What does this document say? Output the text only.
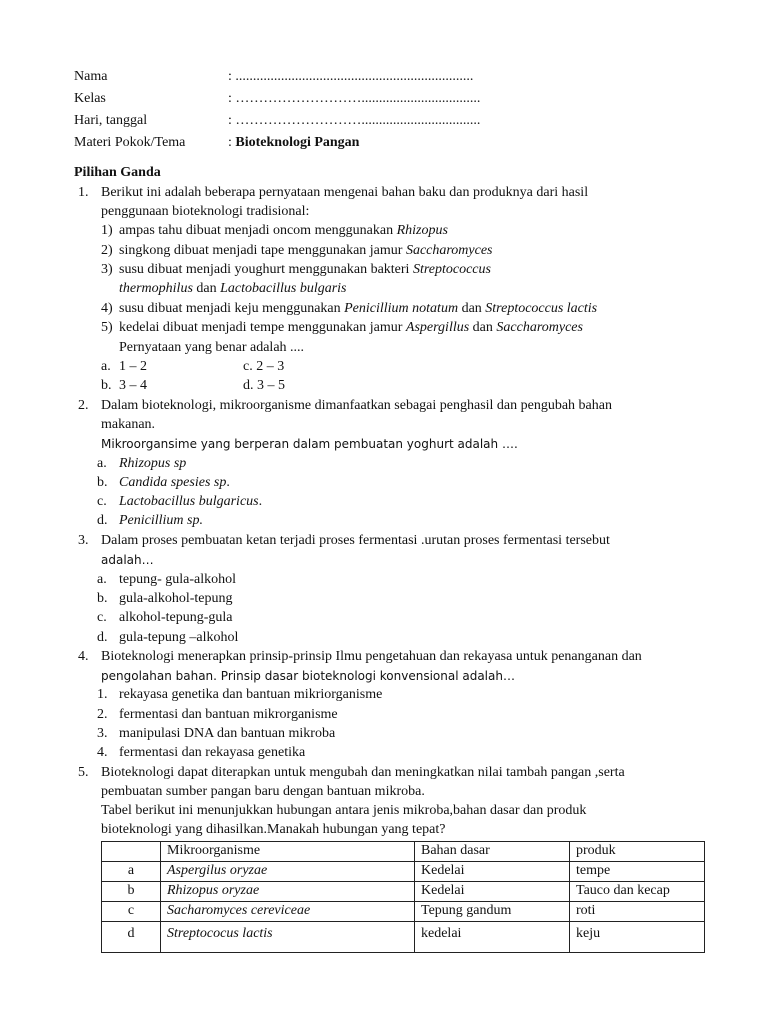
Nama	: ....................................................................
Kelas	: ………………………..................................
Hari, tanggal	: ………………………..................................
Materi Pokok/Tema	: Bioteknologi Pangan
Pilihan Ganda
1. Berikut ini adalah beberapa pernyataan mengenai bahan baku dan produknya dari hasil
penggunaan bioteknologi tradisional:
1) ampas tahu dibuat menjadi oncom menggunakan Rhizopus
2) singkong dibuat menjadi tape menggunakan jamur Saccharomyces
3) susu dibuat menjadi youghurt menggunakan bakteri Streptococcus
thermophilus dan Lactobacillus bulgaris
4) susu dibuat menjadi keju menggunakan Penicillium notatum dan Streptococcus lactis
5) kedelai dibuat menjadi tempe menggunakan jamur Aspergillus dan Saccharomyces
Pernyataan yang benar adalah ....
a. 1 – 2	c. 2 – 3
b. 3 – 4	d. 3 – 5
2. Dalam bioteknologi, mikroorganisme dimanfaatkan sebagai penghasil dan pengubah bahan
makanan.
Mikroorgansime yang berperan dalam pembuatan yoghurt adalah ….
a. Rhizopus sp
b. Candida spesies sp.
c. Lactobacillus bulgaricus.
d. Penicillium sp.
3. Dalam proses pembuatan ketan terjadi proses fermentasi .urutan proses fermentasi tersebut
adalah…
a. tepung- gula-alkohol
b. gula-alkohol-tepung
c. alkohol-tepung-gula
d. gula-tepung –alkohol
4. Bioteknologi menerapkan prinsip-prinsip Ilmu pengetahuan dan rekayasa untuk penanganan dan
pengolahan bahan. Prinsip dasar bioteknologi konvensional adalah…
1. rekayasa genetika dan bantuan mikriorganisme
2. fermentasi dan bantuan mikrorganisme
3. manipulasi DNA dan bantuan mikroba
4. fermentasi dan rekayasa genetika
5. Bioteknologi dapat diterapkan untuk mengubah dan meningkatkan nilai tambah pangan ,serta
pembuatan sumber pangan baru dengan bantuan mikroba.
Tabel berikut ini menunjukkan hubungan antara jenis mikroba,bahan dasar dan produk
bioteknologi yang dihasilkan.Manakah hubungan yang tepat?
	Mikroorganisme	Bahan dasar	produk
a	Aspergilus oryzae	Kedelai	tempe
b	Rhizopus oryzae	Kedelai	Tauco dan kecap
c	Sacharomyces cereviceae	Tepung gandum	roti
d	Streptococus lactis	kedelai	keju
